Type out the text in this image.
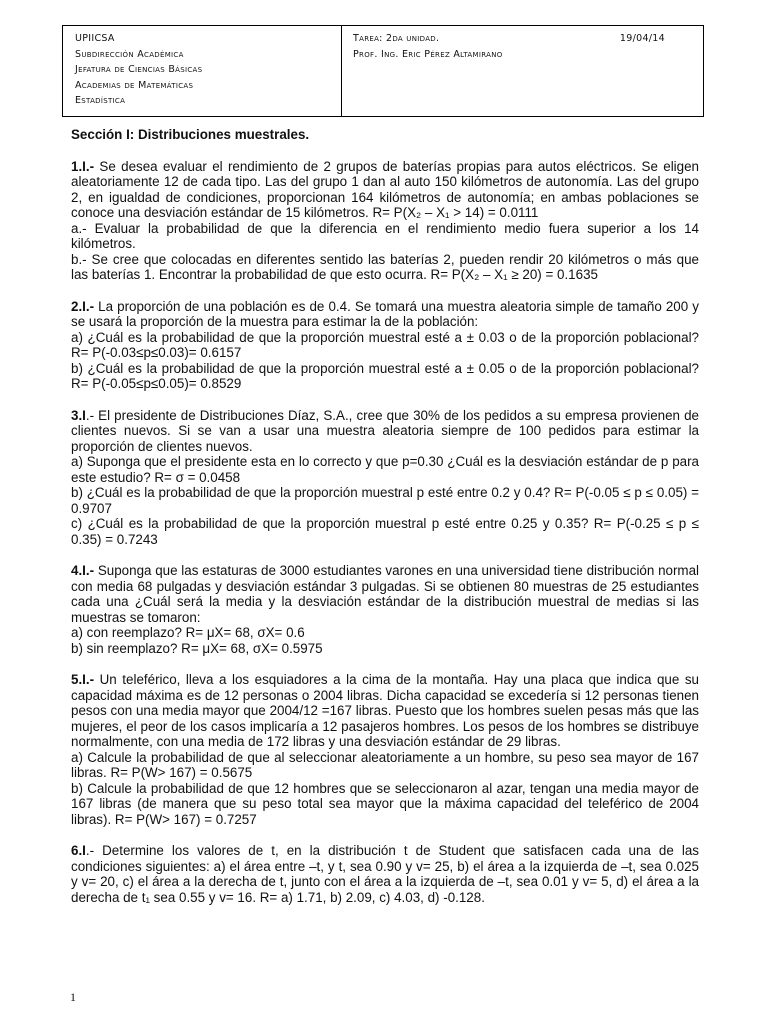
UPIICSA
Subdirección Académica
Jefatura de Ciencias Básicas
Academias de Matemáticas
Estadística
Tarea: 2da unidad.
Prof. Ing. Eric Pérez Altamirano
19/04/14
Sección I: Distribuciones muestrales.

1.I.- Se desea evaluar el rendimiento de 2 grupos de baterías propias para autos eléctricos. Se eligen aleatoriamente 12 de cada tipo. Las del grupo 1 dan al auto 150 kilómetros de autonomía. Las del grupo 2, en igualdad de condiciones, proporcionan 164 kilómetros de autonomía; en ambas poblaciones se conoce una desviación estándar de 15 kilómetros. R= P(X₂ – X₁ > 14) = 0.0111

a.- Evaluar la probabilidad de que la diferencia en el rendimiento medio fuera superior a los 14 kilómetros.

b.- Se cree que colocadas en diferentes sentido las baterías 2, pueden rendir 20 kilómetros o más que las baterías 1. Encontrar la probabilidad de que esto ocurra. R= P(X₂ – X₁ ≥ 20) = 0.1635

2.I.- La proporción de una población es de 0.4. Se tomará una muestra aleatoria simple de tamaño 200 y se usará la proporción de la muestra para estimar la de la población:

a) ¿Cuál es la probabilidad de que la proporción muestral esté a ± 0.03 o de la proporción poblacional? R= P(-0.03≤p≤0.03)= 0.6157

b) ¿Cuál es la probabilidad de que la proporción muestral esté a ± 0.05 o de la proporción poblacional? R= P(-0.05≤p≤0.05)= 0.8529

3.I.- El presidente de Distribuciones Díaz, S.A., cree que 30% de los pedidos a su empresa provienen de clientes nuevos. Si se van a usar una muestra aleatoria siempre de 100 pedidos para estimar la proporción de clientes nuevos.

a) Suponga que el presidente esta en lo correcto y que p=0.30 ¿Cuál es la desviación estándar de p para este estudio? R= σ = 0.0458

b) ¿Cuál es la probabilidad de que la proporción muestral p esté entre 0.2 y 0.4? R= P(-0.05 ≤ p ≤ 0.05) = 0.9707

c) ¿Cuál es la probabilidad de que la proporción muestral p esté entre 0.25 y 0.35? R= P(-0.25 ≤ p ≤ 0.35) = 0.7243

4.I.- Suponga que las estaturas de 3000 estudiantes varones en una universidad tiene distribución normal con media 68 pulgadas y desviación estándar 3 pulgadas. Si se obtienen 80 muestras de 25 estudiantes cada una ¿Cuál será la media y la desviación estándar de la distribución muestral de medias si las muestras se tomaron:

a) con reemplazo? R= μX= 68, σX= 0.6

b) sin reemplazo? R= μX= 68, σX= 0.5975

5.I.- Un teleférico, lleva a los esquiadores a la cima de la montaña. Hay una placa que indica que su capacidad máxima es de 12 personas o 2004 libras. Dicha capacidad se excedería si 12 personas tienen pesos con una media mayor que 2004/12 =167 libras. Puesto que los hombres suelen pesas más que las mujeres, el peor de los casos implicaría a 12 pasajeros hombres. Los pesos de los hombres se distribuye normalmente, con una media de 172 libras y una desviación estándar de 29 libras.

a) Calcule la probabilidad de que al seleccionar aleatoriamente a un hombre, su peso sea mayor de 167 libras. R= P(W> 167) = 0.5675

b) Calcule la probabilidad de que 12 hombres que se seleccionaron al azar, tengan una media mayor de 167 libras (de manera que su peso total sea mayor que la máxima capacidad del teleférico de 2004 libras). R= P(W> 167) = 0.7257

6.I.- Determine los valores de t, en la distribución t de Student que satisfacen cada una de las condiciones siguientes: a) el área entre –t, y t, sea 0.90 y v= 25, b) el área a la izquierda de –t, sea 0.025 y v= 20, c) el área a la derecha de t, junto con el área a la izquierda de –t, sea 0.01 y v= 5, d) el área a la derecha de t₁ sea 0.55 y v= 16. R= a) 1.71, b) 2.09, c) 4.03, d) -0.128.

1
